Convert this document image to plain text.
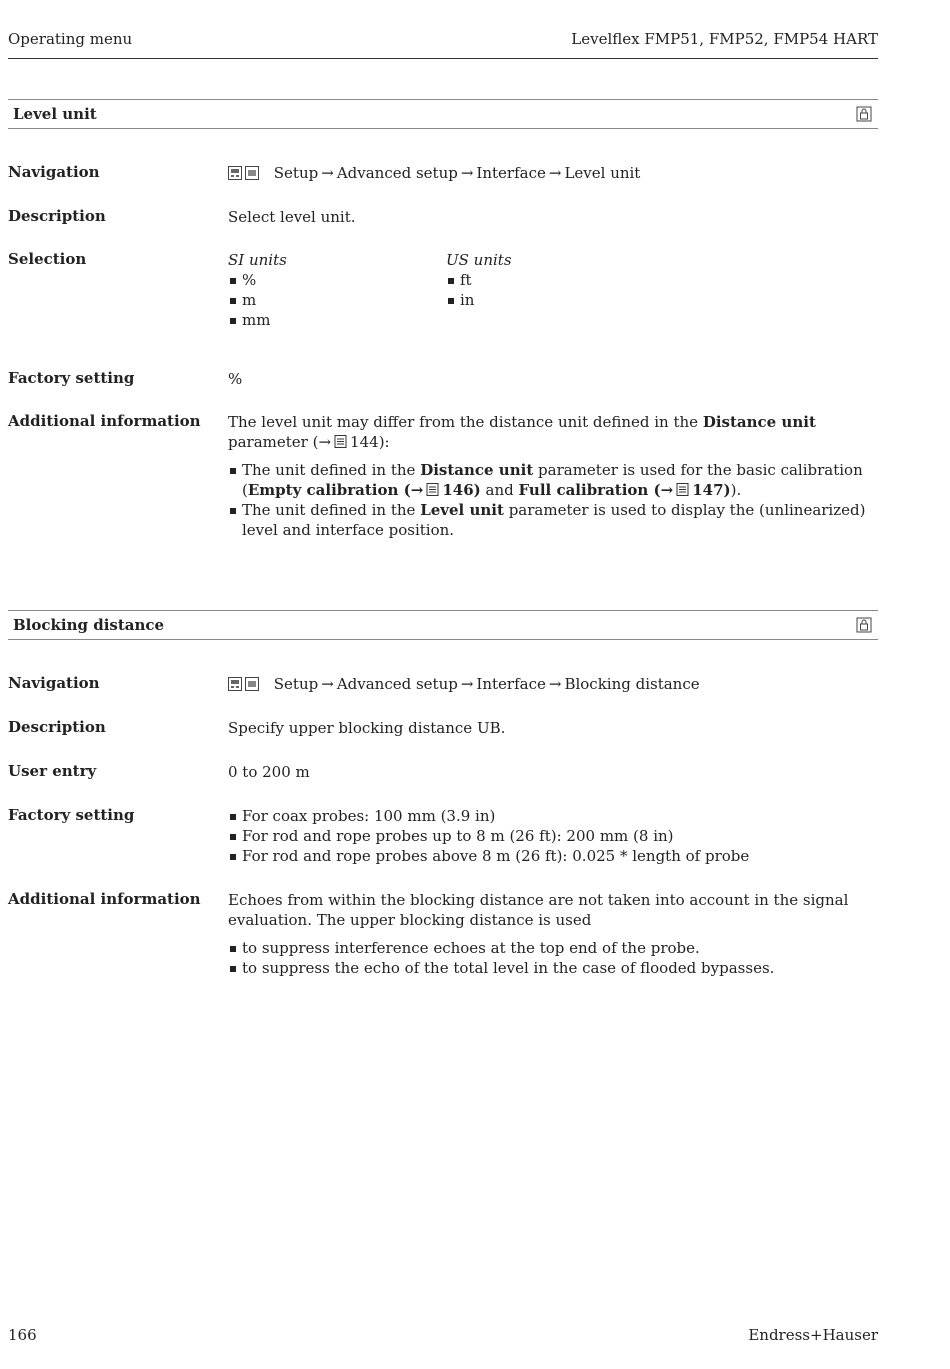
Operating menu	Levelflex FMP51, FMP52, FMP54 HART
Level unit
Navigation	Setup → Advanced setup → Interface → Level unit
Description	Select level unit.
Selection	SI units
%
m
mm
US units
ft
in
Factory setting	%
Additional information	The level unit may differ from the distance unit defined in the Distance unit parameter (→ 144):
The unit defined in the Distance unit parameter is used for the basic calibration (Empty calibration (→ 146) and Full calibration (→ 147)).
The unit defined in the Level unit parameter is used to display the (unlinearized) level and interface position.
Blocking distance
Navigation	Setup → Advanced setup → Interface → Blocking distance
Description	Specify upper blocking distance UB.
User entry	0 to 200 m
Factory setting	For coax probes: 100 mm (3.9 in)
For rod and rope probes up to 8 m (26 ft): 200 mm (8 in)
For rod and rope probes above 8 m (26 ft): 0.025 * length of probe
Additional information	Echoes from within the blocking distance are not taken into account in the signal evaluation. The upper blocking distance is used
to suppress interference echoes at the top end of the probe.
to suppress the echo of the total level in the case of flooded bypasses.
166	Endress+Hauser
